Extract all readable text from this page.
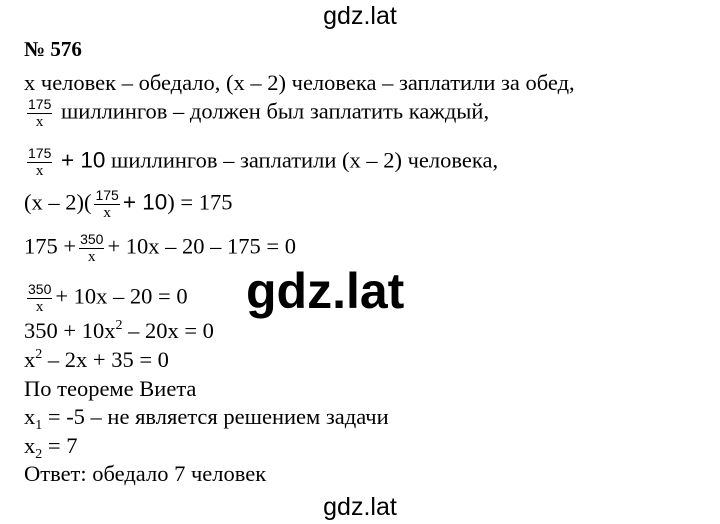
gdz.lat
№ 576
x человек – обедало, (x – 2) человека – заплатили за обед,
$\frac{175}{x}$ шиллингов – должен был заплатить каждый,
$\frac{175}{x} + 10$ шиллингов – заплатили (x – 2) человека,
$(x - 2)( \frac{175}{x} + 10) = 175$
$175 + \frac{350}{x} + 10x - 20 - 175 = 0$
$\frac{350}{x} + 10x - 20 = 0$
$350 + 10x^2 - 20x = 0$
$x^2 - 2x + 35 = 0$
По теореме Виета
$x_1 = -5$ – не является решением задачи
$x_2 = 7$
Ответ: обедало 7 человек
gdz.lat
gdz.lat
